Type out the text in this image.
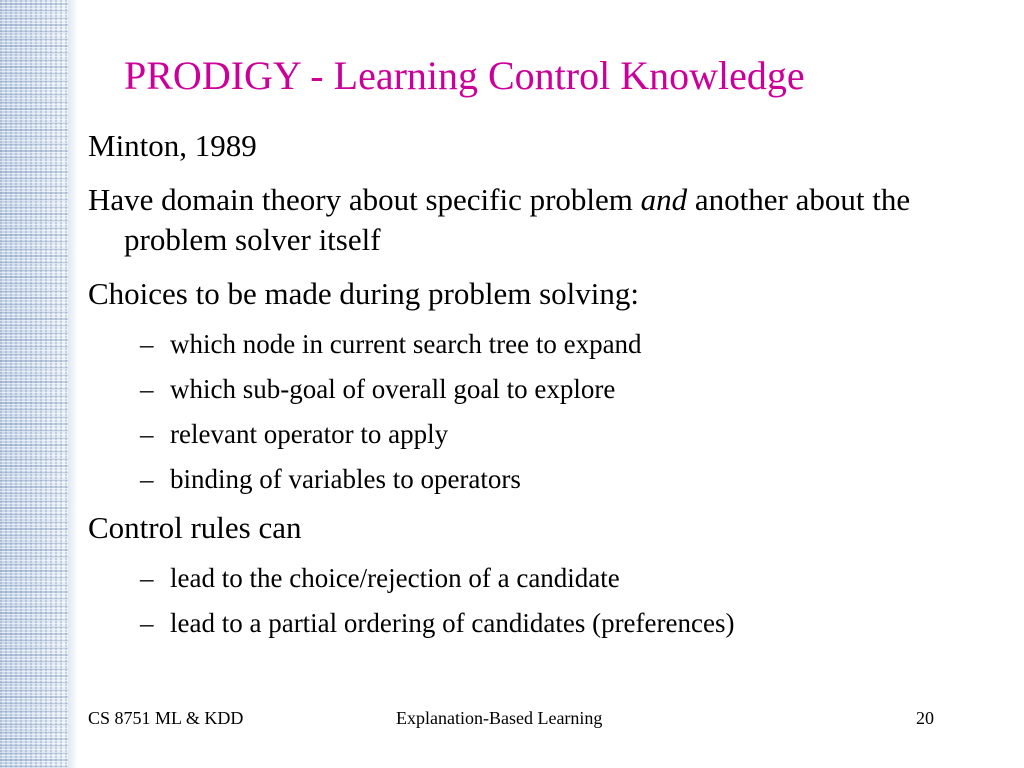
PRODIGY - Learning Control Knowledge

Minton, 1989

Have domain theory about specific problem and another about the problem solver itself

Choices to be made during problem solving:

– which node in current search tree to expand

– which sub-goal of overall goal to explore

– relevant operator to apply

– binding of variables to operators

Control rules can

– lead to the choice/rejection of a candidate

– lead to a partial ordering of candidates (preferences)

CS 8751 ML & KDD	Explanation-Based Learning	20
